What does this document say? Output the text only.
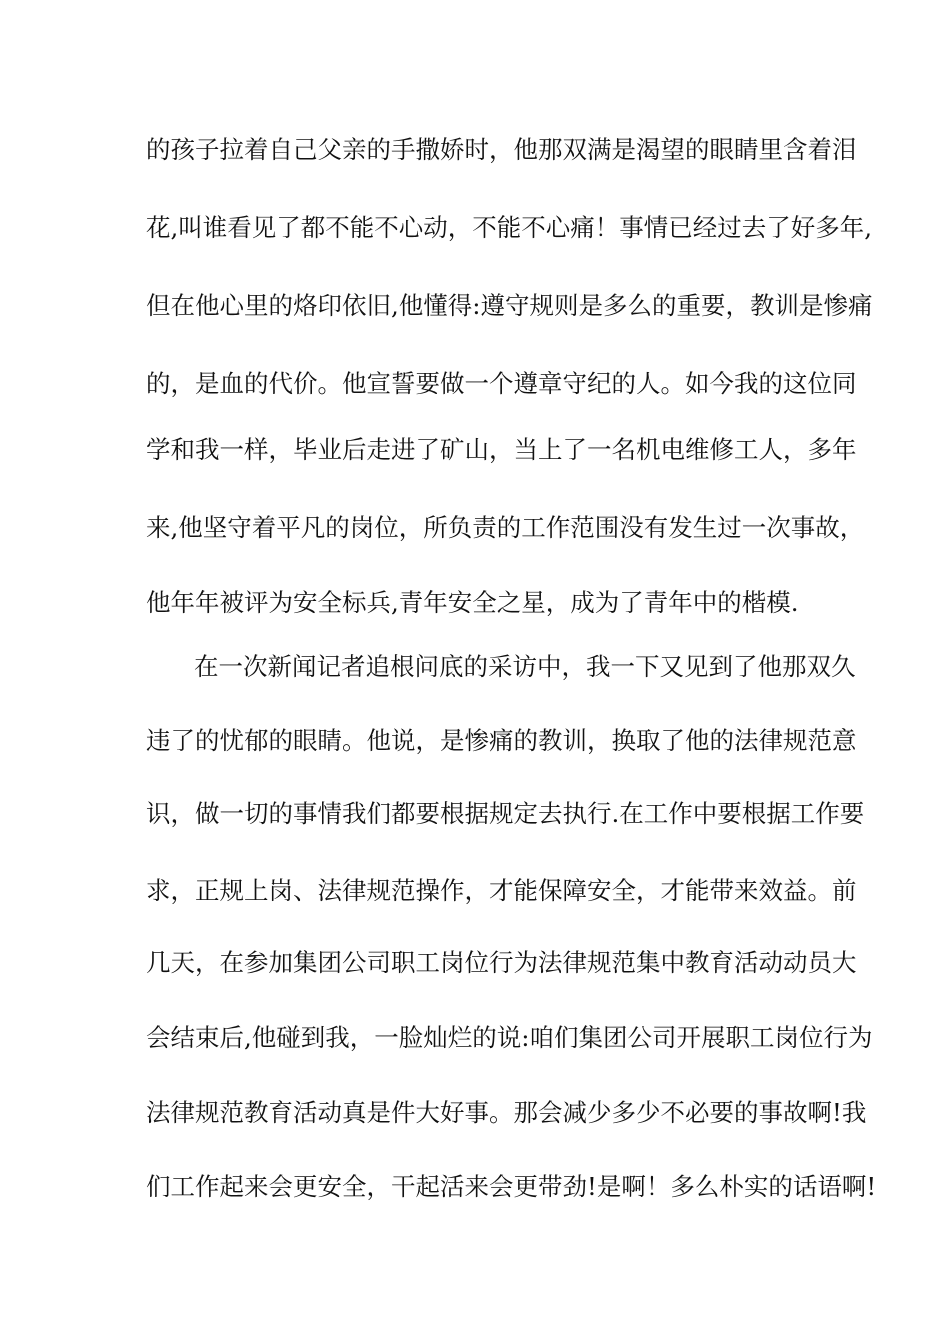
的孩子拉着自己父亲的手撒娇时，他那双满是渴望的眼睛里含着泪
花,叫谁看见了都不能不心动，不能不心痛！事情已经过去了好多年,
但在他心里的烙印依旧,他懂得:遵守规则是多么的重要，教训是惨痛
的，是血的代价。他宣誓要做一个遵章守纪的人。如今我的这位同
学和我一样，毕业后走进了矿山，当上了一名机电维修工人，多年
来,他坚守着平凡的岗位，所负责的工作范围没有发生过一次事故，
他年年被评为安全标兵,青年安全之星，成为了青年中的楷模.
在一次新闻记者追根问底的采访中，我一下又见到了他那双久
违了的忧郁的眼睛。他说，是惨痛的教训，换取了他的法律规范意
识，做一切的事情我们都要根据规定去执行.在工作中要根据工作要
求，正规上岗、法律规范操作，才能保障安全，才能带来效益。前
几天，在参加集团公司职工岗位行为法律规范集中教育活动动员大
会结束后,他碰到我，一脸灿烂的说:咱们集团公司开展职工岗位行为
法律规范教育活动真是件大好事。那会减少多少不必要的事故啊!我
们工作起来会更安全，干起活来会更带劲!是啊！多么朴实的话语啊!
